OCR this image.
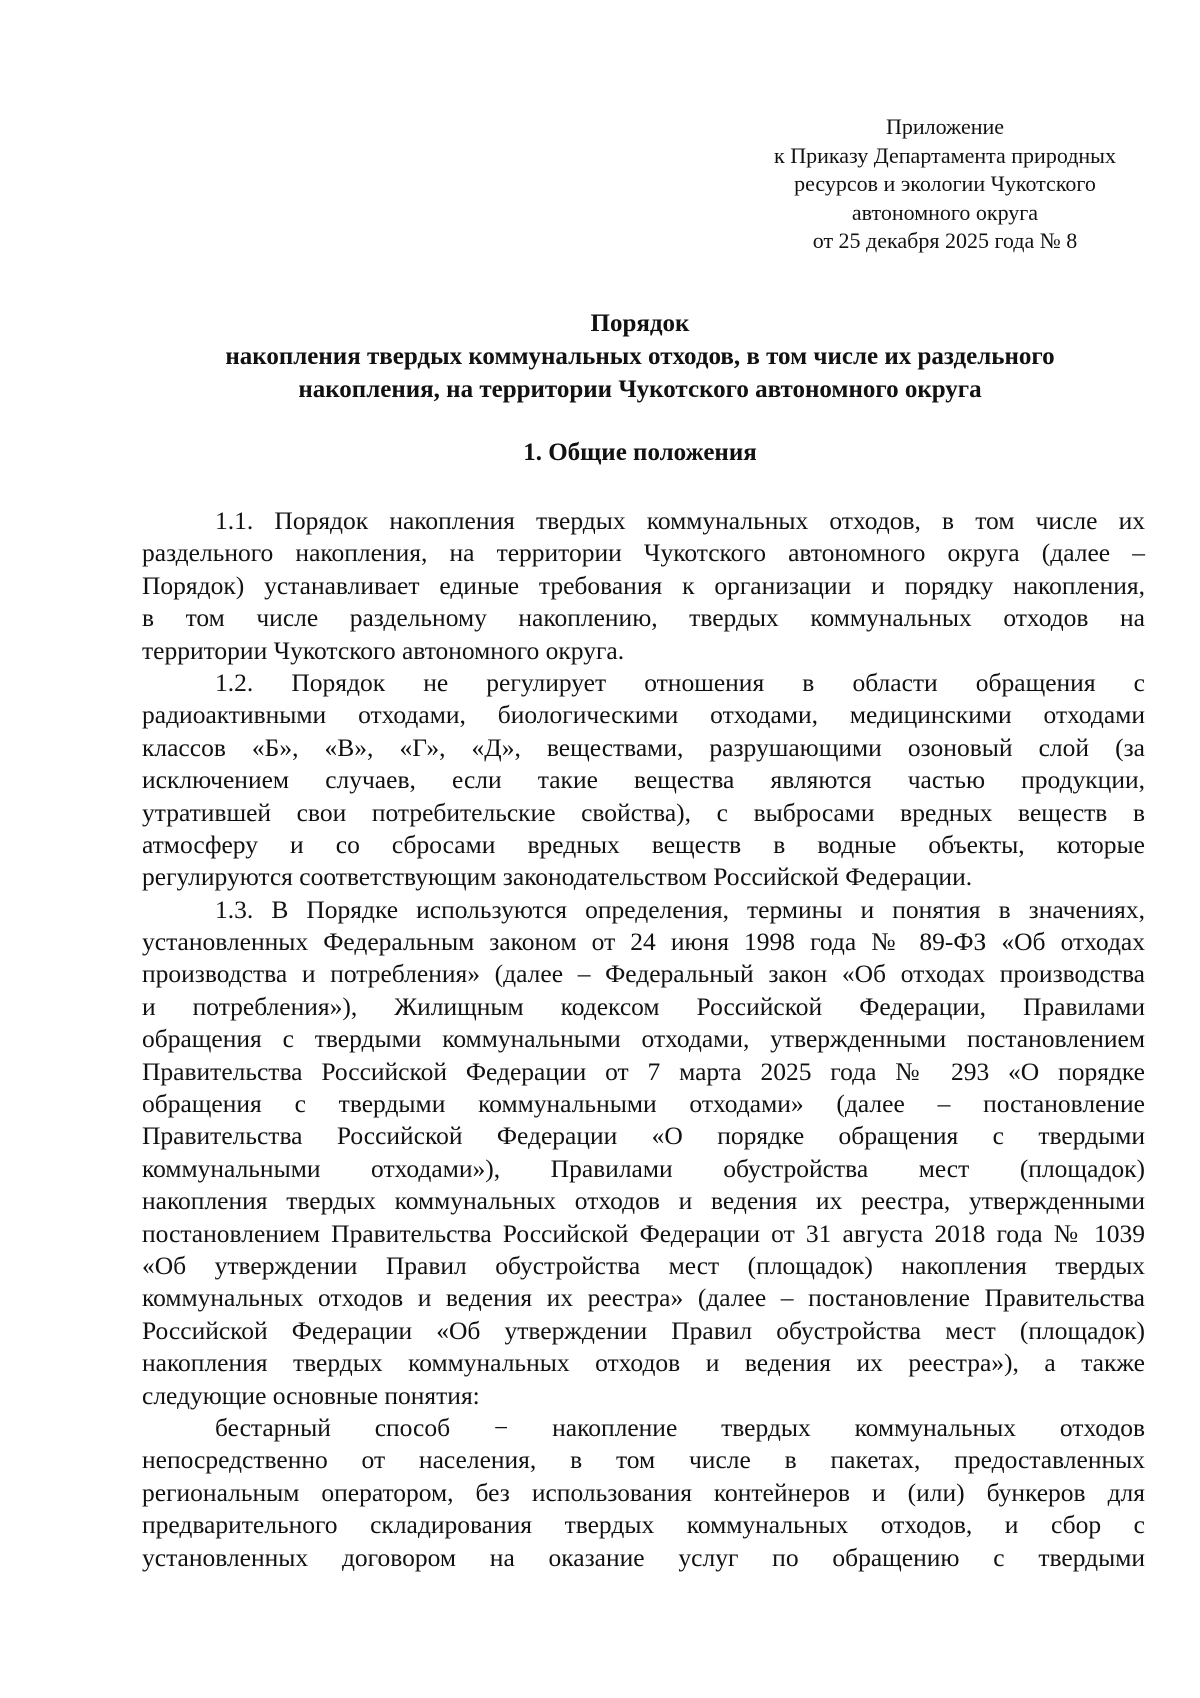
Приложение
к Приказу Департамента природных
ресурсов и экологии Чукотского
автономного округа
от 25 декабря 2025 года № 8
Порядок
накопления твердых коммунальных отходов, в том числе их раздельного
накопления, на территории Чукотского автономного округа
1. Общие положения
1.1. Порядок накопления твердых коммунальных отходов, в том числе их
раздельного накопления, на территории Чукотского автономного округа (далее –
Порядок) устанавливает единые требования к организации и порядку накопления,
в том числе раздельному накоплению, твердых коммунальных отходов на
территории Чукотского автономного округа.
1.2. Порядок не регулирует отношения в области обращения с
радиоактивными отходами, биологическими отходами, медицинскими отходами
классов «Б», «В», «Г», «Д», веществами, разрушающими озоновый слой (за
исключением случаев, если такие вещества являются частью продукции,
утратившей свои потребительские свойства), с выбросами вредных веществ в
атмосферу и со сбросами вредных веществ в водные объекты, которые
регулируются соответствующим законодательством Российской Федерации.
1.3. В Порядке используются определения, термины и понятия в значениях,
установленных Федеральным законом от 24 июня 1998 года № 89-ФЗ «Об отходах
производства и потребления» (далее – Федеральный закон «Об отходах производства
и потребления»), Жилищным кодексом Российской Федерации, Правилами
обращения с твердыми коммунальными отходами, утвержденными постановлением
Правительства Российской Федерации от 7 марта 2025 года № 293 «О порядке
обращения с твердыми коммунальными отходами» (далее – постановление
Правительства Российской Федерации «О порядке обращения с твердыми
коммунальными отходами»), Правилами обустройства мест (площадок)
накопления твердых коммунальных отходов и ведения их реестра, утвержденными
постановлением Правительства Российской Федерации от 31 августа 2018 года № 1039
«Об утверждении Правил обустройства мест (площадок) накопления твердых
коммунальных отходов и ведения их реестра» (далее – постановление Правительства
Российской Федерации «Об утверждении Правил обустройства мест (площадок)
накопления твердых коммунальных отходов и ведения их реестра»), а также
следующие основные понятия:
бестарный способ − накопление твердых коммунальных отходов
непосредственно от населения, в том числе в пакетах, предоставленных
региональным оператором, без использования контейнеров и (или) бункеров для
предварительного складирования твердых коммунальных отходов, и сбор с
установленных договором на оказание услуг по обращению с твердыми
